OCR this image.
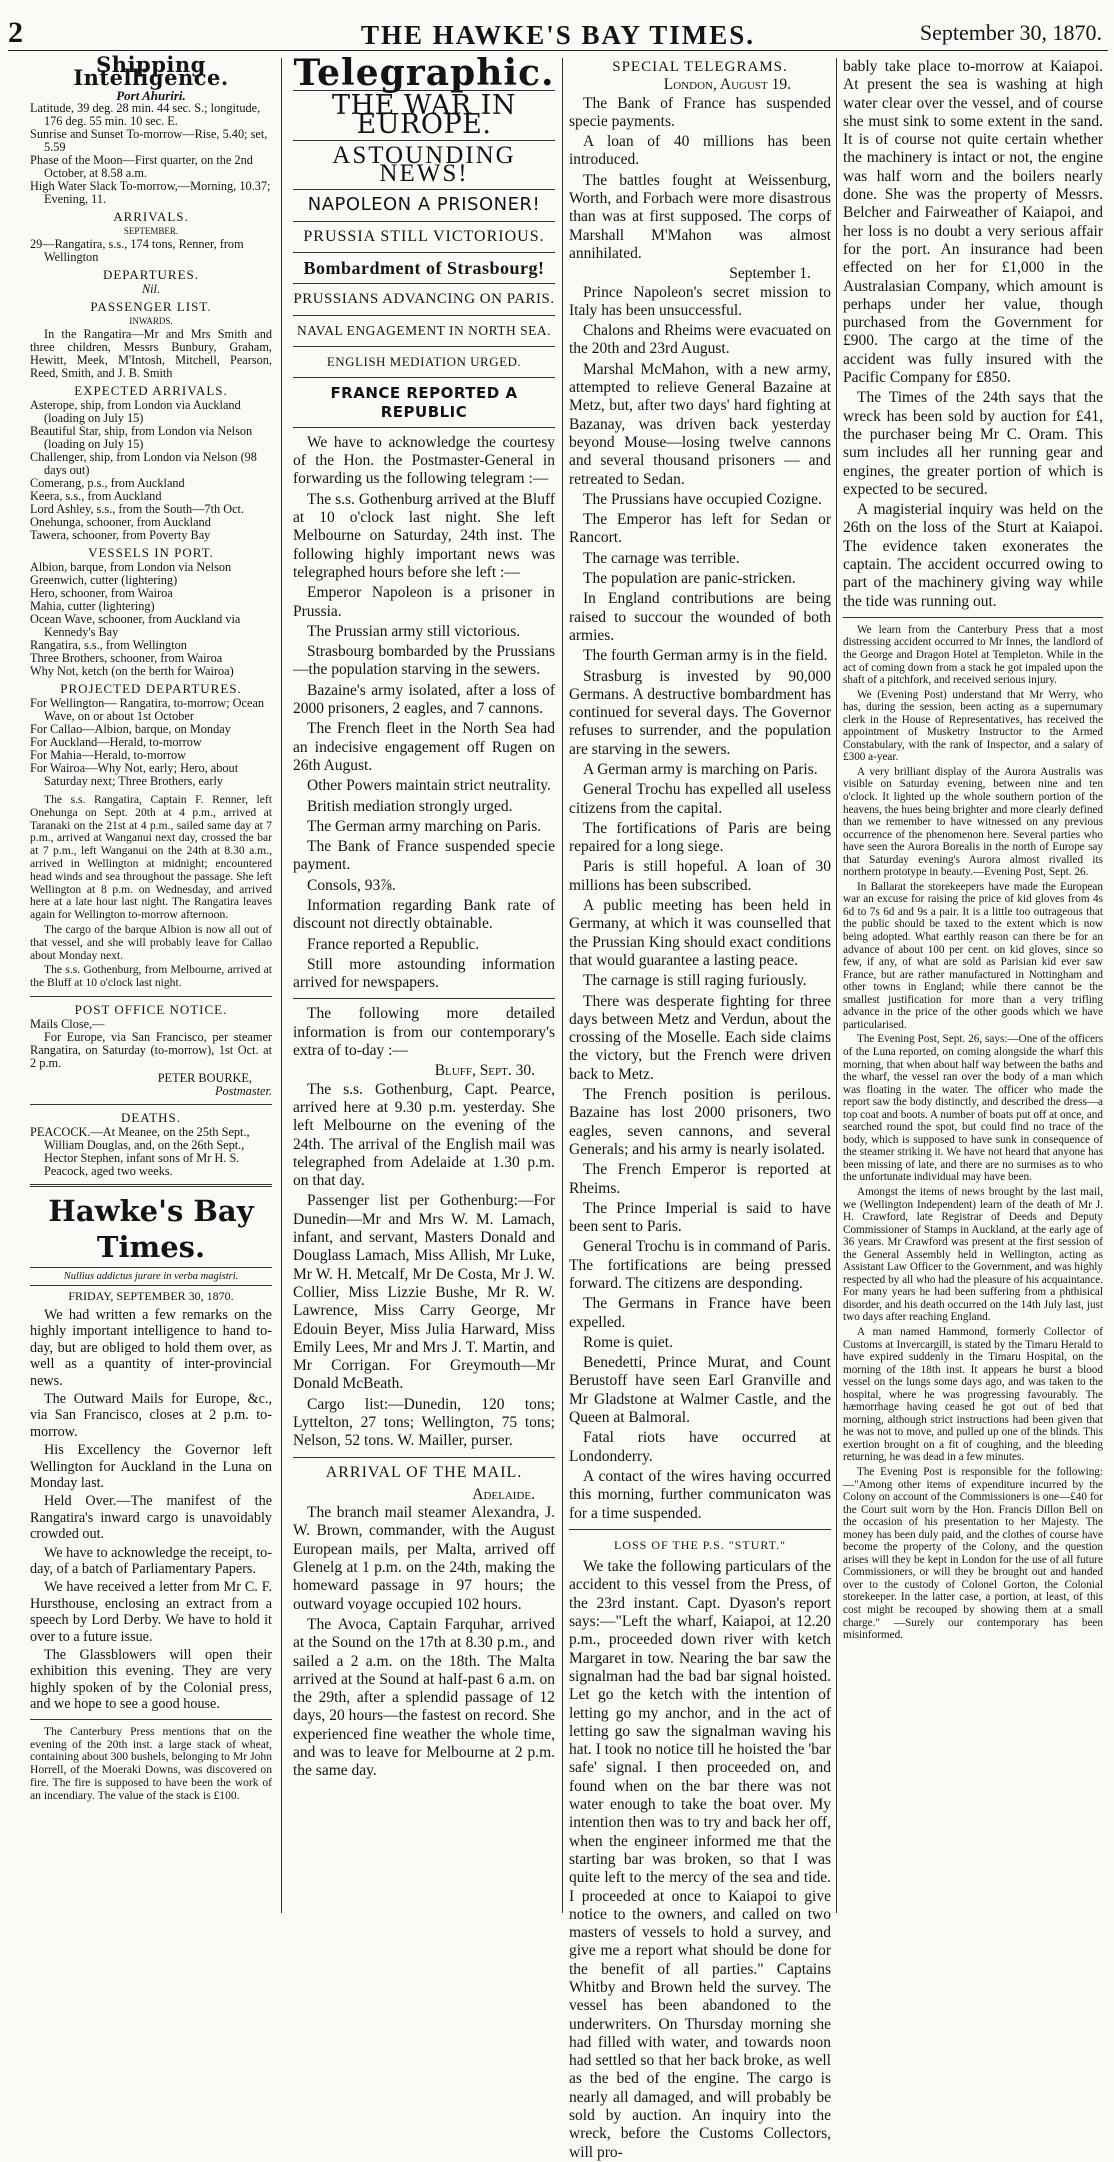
2	THE HAWKE'S BAY TIMES.	September 30, 1870.
Shipping Intelligence.
Port Ahuriri.

Latitude, 39 deg. 28 min. 44 sec. S.; longitude, 176 deg. 55 min. 10 sec. E.

Sunrise and Sunset To-morrow—Rise, 5.40; set, 5.59

Phase of the Moon—First quarter, on the 2nd October, at 8.58 a.m.

High Water Slack To-morrow,—Morning, 10.37; Evening, 11.

ARRIVALS.
SEPTEMBER.
29—Rangatira, s.s., 174 tons, Renner, from Wellington
DEPARTURES.
Nil.
PASSENGER LIST.
INWARDS.
In the Rangatira—Mr and Mrs Smith and three children, Messrs Bunbury, Graham, Hewitt, Meek, M'Intosh, Mitchell, Pearson, Reed, Smith, and J. B. Smith
EXPECTED ARRIVALS.

Asterope, ship, from London via Auckland (loading on July 15)

Beautiful Star, ship, from London via Nelson (loading on July 15)

Challenger, ship, from London via Nelson (98 days out)

Comerang, p.s., from Auckland

Keera, s.s., from Auckland

Lord Ashley, s.s., from the South—7th Oct.

Onehunga, schooner, from Auckland

Tawera, schooner, from Poverty Bay

VESSELS IN PORT.

Albion, barque, from London via Nelson

Greenwich, cutter (lightering)

Hero, schooner, from Wairoa

Mahia, cutter (lightering)

Ocean Wave, schooner, from Auckland via Kennedy's Bay

Rangatira, s.s., from Wellington

Three Brothers, schooner, from Wairoa

Why Not, ketch (on the berth for Wairoa)

PROJECTED DEPARTURES.

For Wellington— Rangatira, to-morrow; Ocean Wave, on or about 1st October

For Callao—Albion, barque, on Monday

For Auckland—Herald, to-morrow

For Mahia—Herald, to-morrow

For Wairoa—Why Not, early; Hero, about Saturday next; Three Brothers, early

The s.s. Rangatira, Captain F. Renner, left Onehunga on Sept. 20th at 4 p.m., arrived at Taranaki on the 21st at 4 p.m., sailed same day at 7 p.m., arrived at Wanganui next day, crossed the bar at 7 p.m., left Wanganui on the 24th at 8.30 a.m., arrived in Wellington at midnight; encountered head winds and sea throughout the passage. She left Wellington at 8 p.m. on Wednesday, and arrived here at a late hour last night. The Rangatira leaves again for Wellington to-morrow afternoon.
The cargo of the barque Albion is now all out of that vessel, and she will probably leave for Callao about Monday next.
The s.s. Gothenburg, from Melbourne, arrived at the Bluff at 10 o'clock last night.
POST OFFICE NOTICE.
Mails Close,—
For Europe, via San Francisco, per steamer Rangatira, on Saturday (to-morrow), 1st Oct. at 2 p.m.
PETER BOURKE,
Postmaster.
DEATHS.
PEACOCK.—At Meanee, on the 25th Sept., William Douglas, and, on the 26th Sept., Hector Stephen, infant sons of Mr H. S. Peacock, aged two weeks.
Hawke's Bay Times.
Nullius addictus jurare in verba magistri.
FRIDAY, SEPTEMBER 30, 1870.
We had written a few remarks on the highly important intelligence to hand to-day, but are obliged to hold them over, as well as a quantity of inter-provincial news.
The Outward Mails for Europe, &c., via San Francisco, closes at 2 p.m. to-morrow.
His Excellency the Governor left Wellington for Auckland in the Luna on Monday last.
Held Over.—The manifest of the Rangatira's inward cargo is unavoidably crowded out.
We have to acknowledge the receipt, to-day, of a batch of Parliamentary Papers.
We have received a letter from Mr C. F. Hursthouse, enclosing an extract from a speech by Lord Derby. We have to hold it over to a future issue.
The Glassblowers will open their exhibition this evening. They are very highly spoken of by the Colonial press, and we hope to see a good house.
The Canterbury Press mentions that on the evening of the 20th inst. a large stack of wheat, containing about 300 bushels, belonging to Mr John Horrell, of the Moeraki Downs, was discovered on fire. The fire is supposed to have been the work of an incendiary. The value of the stack is £100.
Telegraphic.
THE WAR IN EUROPE.
ASTOUNDING NEWS!
NAPOLEON A PRISONER!
PRUSSIA STILL VICTORIOUS.
Bombardment of Strasbourg!
PRUSSIANS ADVANCING ON PARIS.
NAVAL ENGAGEMENT IN NORTH SEA.
ENGLISH MEDIATION URGED.
FRANCE REPORTED A REPUBLIC
We have to acknowledge the courtesy of the Hon. the Postmaster-General in forwarding us the following telegram :—
The s.s. Gothenburg arrived at the Bluff at 10 o'clock last night. She left Melbourne on Saturday, 24th inst. The following highly important news was telegraphed hours before she left :—
Emperor Napoleon is a prisoner in Prussia.
The Prussian army still victorious.
Strasbourg bombarded by the Prussians —the population starving in the sewers.
Bazaine's army isolated, after a loss of 2000 prisoners, 2 eagles, and 7 cannons.
The French fleet in the North Sea had an indecisive engagement off Rugen on 26th August.
Other Powers maintain strict neutrality.
British mediation strongly urged.
The German army marching on Paris.
The Bank of France suspended specie payment.
Consols, 93⅞.
Information regarding Bank rate of discount not directly obtainable.
France reported a Republic.
Still more astounding information arrived for newspapers.
The following more detailed information is from our contemporary's extra of to-day :—
Bluff, Sept. 30.
The s.s. Gothenburg, Capt. Pearce, arrived here at 9.30 p.m. yesterday. She left Melbourne on the evening of the 24th. The arrival of the English mail was telegraphed from Adelaide at 1.30 p.m. on that day.
Passenger list per Gothenburg:—For Dunedin—Mr and Mrs W. M. Lamach, infant, and servant, Masters Donald and Douglass Lamach, Miss Allish, Mr Luke, Mr W. H. Metcalf, Mr De Costa, Mr J. W. Collier, Miss Lizzie Bushe, Mr R. W. Lawrence, Miss Carry George, Mr Edouin Beyer, Miss Julia Harward, Miss Emily Lees, Mr and Mrs J. T. Martin, and Mr Corrigan. For Greymouth—Mr Donald McBeath.
Cargo list:—Dunedin, 120 tons; Lyttelton, 27 tons; Wellington, 75 tons; Nelson, 52 tons. W. Mailler, purser.
ARRIVAL OF THE MAIL.
Adelaide.
The branch mail steamer Alexandra, J. W. Brown, commander, with the August European mails, per Malta, arrived off Glenelg at 1 p.m. on the 24th, making the homeward passage in 97 hours; the outward voyage occupied 102 hours.
The Avoca, Captain Farquhar, arrived at the Sound on the 17th at 8.30 p.m., and sailed a 2 a.m. on the 18th. The Malta arrived at the Sound at half-past 6 a.m. on the 29th, after a splendid passage of 12 days, 20 hours—the fastest on record. She experienced fine weather the whole time, and was to leave for Melbourne at 2 p.m. the same day.
SPECIAL TELEGRAMS.
London, August 19.
The Bank of France has suspended specie payments.
A loan of 40 millions has been introduced.
The battles fought at Weissenburg, Worth, and Forbach were more disastrous than was at first supposed. The corps of Marshall M'Mahon was almost annihilated.
September 1.
Prince Napoleon's secret mission to Italy has been unsuccessful.
Chalons and Rheims were evacuated on the 20th and 23rd August.
Marshal McMahon, with a new army, attempted to relieve General Bazaine at Metz, but, after two days' hard fighting at Bazanay, was driven back yesterday beyond Mouse—losing twelve cannons and several thousand prisoners — and retreated to Sedan.
The Prussians have occupied Cozigne.
The Emperor has left for Sedan or Rancort.
The carnage was terrible.
The population are panic-stricken.
In England contributions are being raised to succour the wounded of both armies.
The fourth German army is in the field.
Strasburg is invested by 90,000 Germans. A destructive bombardment has continued for several days. The Governor refuses to surrender, and the population are starving in the sewers.
A German army is marching on Paris.
General Trochu has expelled all useless citizens from the capital.
The fortifications of Paris are being repaired for a long siege.
Paris is still hopeful. A loan of 30 millions has been subscribed.
A public meeting has been held in Germany, at which it was counselled that the Prussian King should exact conditions that would guarantee a lasting peace.
The carnage is still raging furiously.
There was desperate fighting for three days between Metz and Verdun, about the crossing of the Moselle. Each side claims the victory, but the French were driven back to Metz.
The French position is perilous. Bazaine has lost 2000 prisoners, two eagles, seven cannons, and several Generals; and his army is nearly isolated.
The French Emperor is reported at Rheims.
The Prince Imperial is said to have been sent to Paris.
General Trochu is in command of Paris. The fortifications are being pressed forward. The citizens are desponding.
The Germans in France have been expelled.
Rome is quiet.
Benedetti, Prince Murat, and Count Berustoff have seen Earl Granville and Mr Gladstone at Walmer Castle, and the Queen at Balmoral.
Fatal riots have occurred at Londonderry.
A contact of the wires having occurred this morning, further communicaton was for a time suspended.
LOSS OF THE P.S. "STURT."
We take the following particulars of the accident to this vessel from the Press, of the 23rd instant. Capt. Dyason's report says:—"Left the wharf, Kaiapoi, at 12.20 p.m., proceeded down river with ketch Margaret in tow. Nearing the bar saw the signalman had the bad bar signal hoisted. Let go the ketch with the intention of letting go my anchor, and in the act of letting go saw the signalman waving his hat. I took no notice till he hoisted the 'bar safe' signal. I then proceeded on, and found when on the bar there was not water enough to take the boat over. My intention then was to try and back her off, when the engineer informed me that the starting bar was broken, so that I was quite left to the mercy of the sea and tide. I proceeded at once to Kaiapoi to give notice to the owners, and called on two masters of vessels to hold a survey, and give me a report what should be done for the benefit of all parties." Captains Whitby and Brown held the survey. The vessel has been abandoned to the underwriters. On Thursday morning she had filled with water, and towards noon had settled so that her back broke, as well as the bed of the engine. The cargo is nearly all damaged, and will probably be sold by auction. An inquiry into the wreck, before the Customs Collectors, will pro-
bably take place to-morrow at Kaiapoi. At present the sea is washing at high water clear over the vessel, and of course she must sink to some extent in the sand. It is of course not quite certain whether the machinery is intact or not, the engine was half worn and the boilers nearly done. She was the property of Messrs. Belcher and Fairweather of Kaiapoi, and her loss is no doubt a very serious affair for the port. An insurance had been effected on her for £1,000 in the Australasian Company, which amount is perhaps under her value, though purchased from the Government for £900. The cargo at the time of the accident was fully insured with the Pacific Company for £850.
The Times of the 24th says that the wreck has been sold by auction for £41, the purchaser being Mr C. Oram. This sum includes all her running gear and engines, the greater portion of which is expected to be secured.
A magisterial inquiry was held on the 26th on the loss of the Sturt at Kaiapoi. The evidence taken exonerates the captain. The accident occurred owing to part of the machinery giving way while the tide was running out.
We learn from the Canterbury Press that a most distressing accident occurred to Mr Innes, the landlord of the George and Dragon Hotel at Templeton. While in the act of coming down from a stack he got impaled upon the shaft of a pitchfork, and received serious injury.
We (Evening Post) understand that Mr Werry, who has, during the session, been acting as a supernumary clerk in the House of Representatives, has received the appointment of Musketry Instructor to the Armed Constabulary, with the rank of Inspector, and a salary of £300 a-year.
A very brilliant display of the Aurora Australis was visible on Saturday evening, between nine and ten o'clock. It lighted up the whole southern portion of the heavens, the hues being brighter and more clearly defined than we remember to have witnessed on any previous occurrence of the phenomenon here. Several parties who have seen the Aurora Borealis in the north of Europe say that Saturday evening's Aurora almost rivalled its northern prototype in beauty.—Evening Post, Sept. 26.
In Ballarat the storekeepers have made the European war an excuse for raising the price of kid gloves from 4s 6d to 7s 6d and 9s a pair. It is a little too outrageous that the public should be taxed to the extent which is now being adopted. What earthly reason can there be for an advance of about 100 per cent. on kid gloves, since so few, if any, of what are sold as Parisian kid ever saw France, but are rather manufactured in Nottingham and other towns in England; while there cannot be the smallest justification for more than a very trifling advance in the price of the other goods which we have particularised.
The Evening Post, Sept. 26, says:—One of the officers of the Luna reported, on coming alongside the wharf this morning, that when about half way between the baths and the wharf, the vessel ran over the body of a man which was floating in the water. The officer who made the report saw the body distinctly, and described the dress—a top coat and boots. A number of boats put off at once, and searched round the spot, but could find no trace of the body, which is supposed to have sunk in consequence of the steamer striking it. We have not heard that anyone has been missing of late, and there are no surmises as to who the unfortunate individual may have been.
Amongst the items of news brought by the last mail, we (Wellington Independent) learn of the death of Mr J. H. Crawford, late Registrar of Deeds and Deputy Commissioner of Stamps in Auckland, at the early age of 36 years. Mr Crawford was present at the first session of the General Assembly held in Wellington, acting as Assistant Law Officer to the Government, and was highly respected by all who had the pleasure of his acquaintance. For many years he had been suffering from a phthisical disorder, and his death occurred on the 14th July last, just two days after reaching England.
A man named Hammond, formerly Collector of Customs at Invercargill, is stated by the Timaru Herald to have expired suddenly in the Timaru Hospital, on the morning of the 18th inst. It appears he burst a blood vessel on the lungs some days ago, and was taken to the hospital, where he was progressing favourably. The hæmorrhage having ceased he got out of bed that morning, although strict instructions had been given that he was not to move, and pulled up one of the blinds. This exertion brought on a fit of coughing, and the bleeding returning, he was dead in a few minutes.
The Evening Post is responsible for the following:—"Among other items of expenditure incurred by the Colony on account of the Commissioners is one—£40 for the Court suit worn by the Hon. Francis Dillon Bell on the occasion of his presentation to her Majesty. The money has been duly paid, and the clothes of course have become the property of the Colony, and the question arises will they be kept in London for the use of all future Commissioners, or will they be brought out and handed over to the custody of Colonel Gorton, the Colonial storekeeper. In the latter case, a portion, at least, of this cost might be recouped by showing them at a small charge." —Surely our contemporary has been misinformed.
